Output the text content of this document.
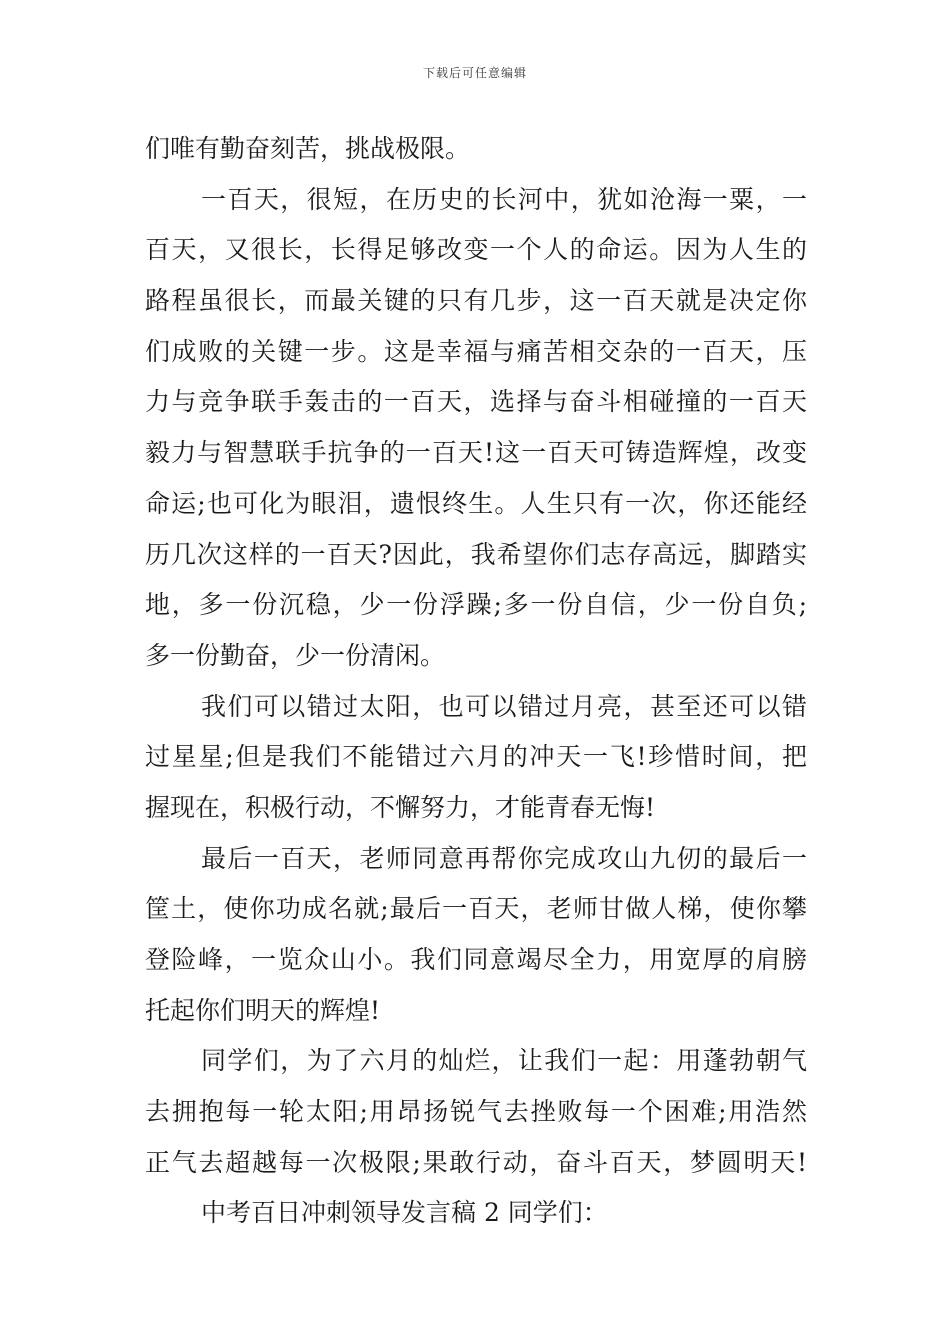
下载后可任意编辑
们唯有勤奋刻苦，挑战极限。
一百天，很短，在历史的长河中，犹如沧海一粟，一
百天，又很长，长得足够改变一个人的命运。因为人生的
路程虽很长，而最关键的只有几步，这一百天就是决定你
们成败的关键一步。这是幸福与痛苦相交杂的一百天，压
力与竞争联手轰击的一百天，选择与奋斗相碰撞的一百天
毅力与智慧联手抗争的一百天!这一百天可铸造辉煌，改变
命运;也可化为眼泪，遗恨终生。人生只有一次，你还能经
历几次这样的一百天?因此，我希望你们志存高远，脚踏实
地，多一份沉稳，少一份浮躁;多一份自信，少一份自负;
多一份勤奋，少一份清闲。
我们可以错过太阳，也可以错过月亮，甚至还可以错
过星星;但是我们不能错过六月的冲天一飞!珍惜时间，把
握现在，积极行动，不懈努力，才能青春无悔!
最后一百天，老师同意再帮你完成攻山九仞的最后一
筐土，使你功成名就;最后一百天，老师甘做人梯，使你攀
登险峰，一览众山小。我们同意竭尽全力，用宽厚的肩膀
托起你们明天的辉煌!
同学们，为了六月的灿烂，让我们一起：用蓬勃朝气
去拥抱每一轮太阳;用昂扬锐气去挫败每一个困难;用浩然
正气去超越每一次极限;果敢行动，奋斗百天，梦圆明天!
中考百日冲刺领导发言稿 2 同学们：
